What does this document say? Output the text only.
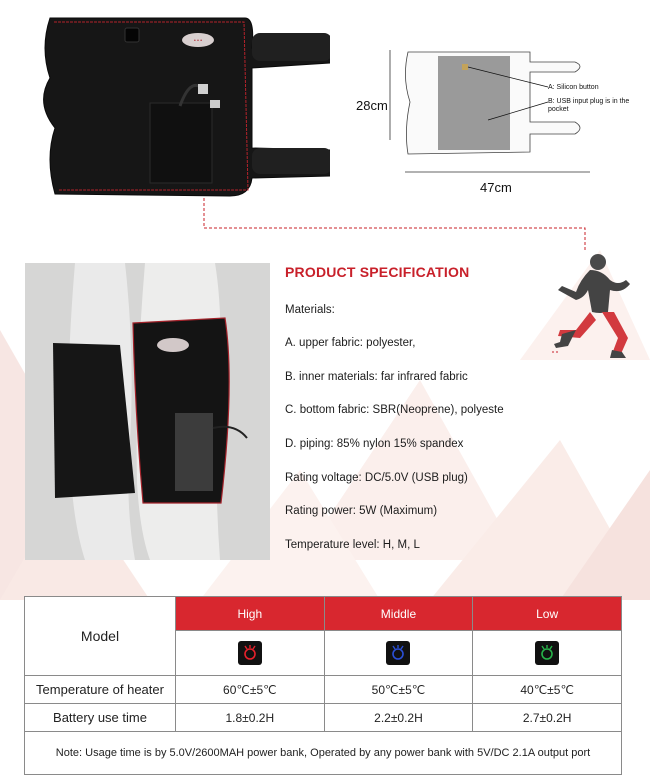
• • •
28cm
47cm
A: Silicon button
B: USB input plug is in the pocket
PRODUCT SPECIFICATION
Materials:
A. upper fabric: polyester,
B. inner materials: far infrared fabric
C. bottom fabric: SBR(Neoprene), polyeste
D. piping: 85% nylon 15% spandex
Rating voltage: DC/5.0V (USB plug)
Rating power: 5W (Maximum)
Temperature level: H, M, L
Model	High	Middle	Low

Temperature of heater	60℃±5℃	50℃±5℃	40℃±5℃
Battery use time	1.8±0.2H	2.2±0.2H	2.7±0.2H
Note: Usage time is by 5.0V/2600MAH power bank, Operated by any power bank with 5V/DC 2.1A output port			
